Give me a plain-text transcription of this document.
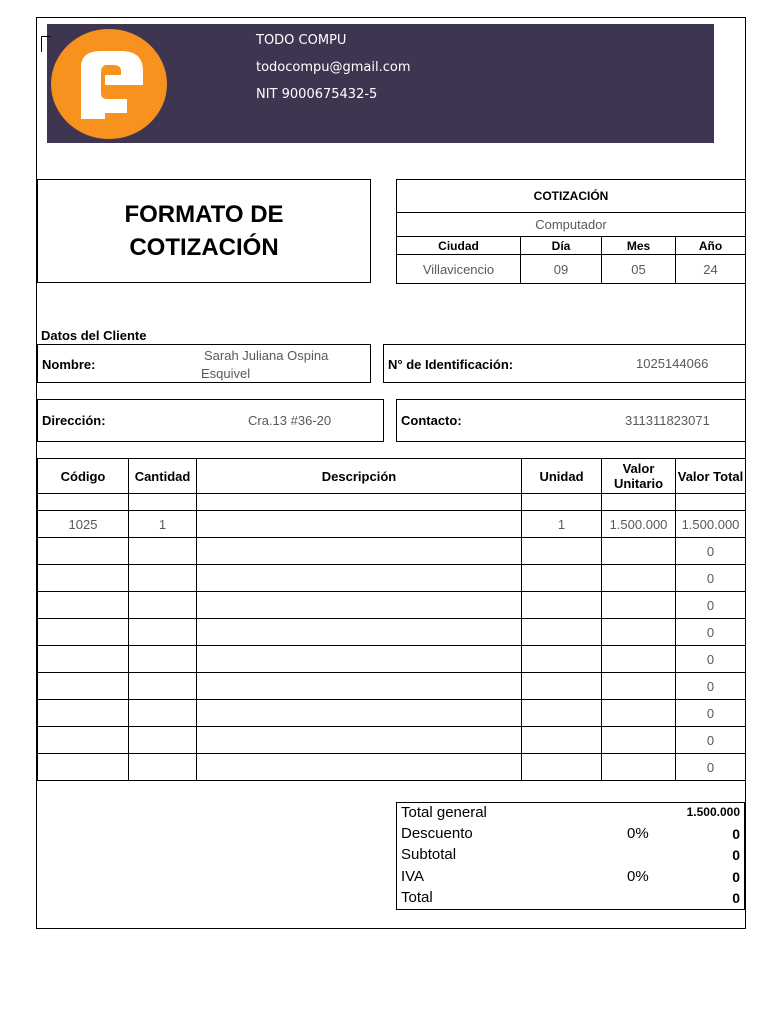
TODO COMPU
todocompu@gmail.com
NIT 9000675432-5
FORMATO DE
COTIZACIÓN
COTIZACIÓN
Computador
Ciudad	Día	Mes	Año
Villavicencio	09	05	24
Datos del Cliente
Nombre:
Sarah Juliana Ospina
Esquivel
N° de Identificación:	1025144066
Dirección:	Cra.13 #36-20	Contacto:	311311823071
Código	Cantidad	Descripción	Unidad	Valor Unitario	Valor Total

1025	1		1	1.500.000	1.500.000
					0
					0
					0
					0
					0
					0
					0
					0
					0
Total general	1.500.000
Descuento	0%	0
Subtotal	0
IVA	0%	0
Total	0
